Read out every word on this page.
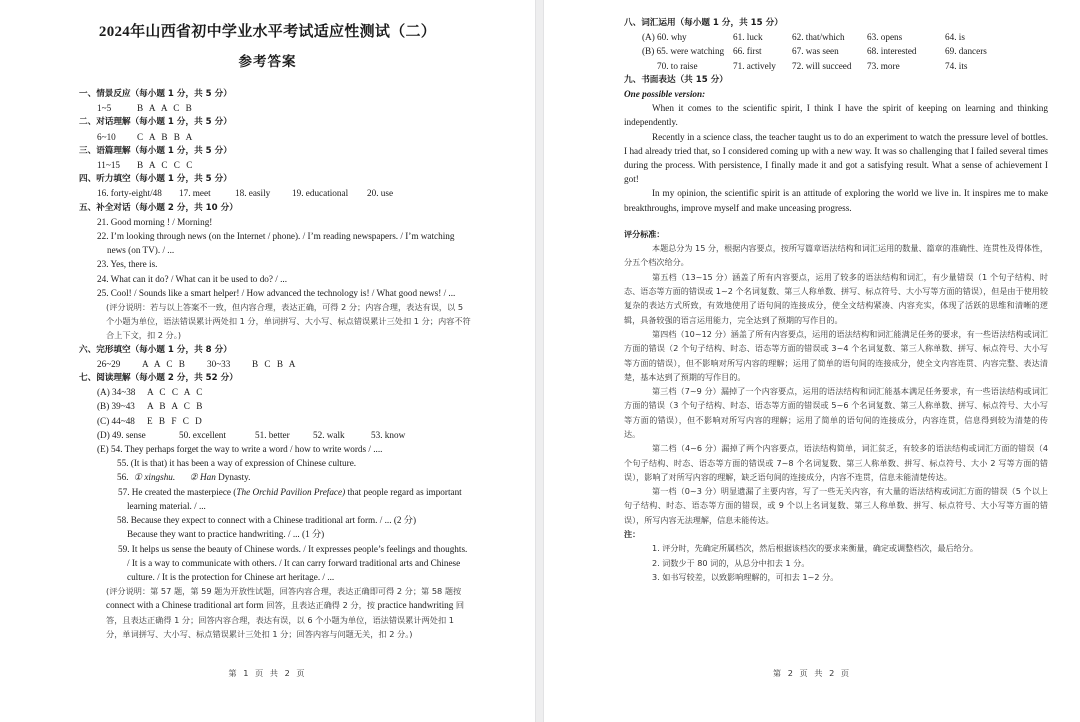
2024年山西省初中学业水平考试适应性测试（二）
参考答案
一、情景反应（每小题 1 分，共 5 分）
1~5	B A A C B
二、对话理解（每小题 1 分，共 5 分）
6~10 C A B B A
三、语篇理解（每小题 1 分，共 5 分）
11~15 B A C C C
四、听力填空（每小题 1 分，共 5 分）
16. forty-eight/48	17. meet	18. easily	19. educational	20. use
五、补全对话（每小题 2 分，共 10 分）
21. Good morning ! / Morning!
22. I’m looking through news (on the Internet / phone). / I’m reading newspapers. / I’m watching news (on TV). / ...
23. Yes, there is.
24. What can it do? / What can it be used to do? / ...
25. Cool! / Sounds like a smart helper! / How advanced the technology is! / What good news! / ...
(评分说明：若与以上答案不一致，但内容合理，表达正确，可得 2 分；内容合理，表达有误，以 5 个小题为单位，语法错误累计两处扣 1 分，单词拼写、大小写、标点错误累计三处扣 1 分；内容不符合上下文，扣 2 分。)
六、完形填空（每小题 1 分，共 8 分）
26~29 A A C B 30~33 B C B A
七、阅读理解（每小题 2 分，共 52 分）
(A) 34~38 A C C A C
(B) 39~43 A B A C B
(C) 44~48 E B F C D
(D) 49. sense	50. excellent	51. better	52. walk	53. know
(E) 54. They perhaps forget the way to write a word / how to write words / ....
55. (It is that) it has been a way of expression of Chinese culture.
56. ① xingshu. ② Han Dynasty.
57. He created the masterpiece (The Orchid Pavilion Preface) that people regard as important learning material. / ...
58. Because they expect to connect with a Chinese traditional art form. / ... (2 分)
Because they want to practice handwriting. / ... (1 分)
59. It helps us sense the beauty of Chinese words. / It expresses people’s feelings and thoughts. / It is a way to communicate with others. / It can carry forward traditional arts and Chinese culture. / It is the protection for Chinese art heritage. / ...
(评分说明：第 57 题，第 59 题为开放性试题，回答内容合理，表达正确即可得 2 分；第 58 题按 connect with a Chinese traditional art form 回答，且表达正确得 2 分，按 practice handwriting 回答，且表达正确得 1 分；回答内容合理，表达有误，以 6 个小题为单位，语法错误累计两处扣 1 分，单词拼写、大小写、标点错误累计三处扣 1 分；回答内容与问题无关，扣 2 分。)
第 1 页 共 2 页
八、词汇运用（每小题 1 分，共 15 分）
(A) 60. why	61. luck	62. that/which	63. opens	64. is
(B) 65. were watching 66. first	67. was seen	68. interested	69. dancers
70. to raise	71. actively	72. will succeed	73. more	74. its
九、书面表达（共 15 分）
One possible version:

When it comes to the scientific spirit, I think I have the spirit of keeping on learning and thinking independently.

Recently in a science class, the teacher taught us to do an experiment to watch the pressure level of bottles. I had already tried that, so I considered coming up with a new way. It was so challenging that I failed several times during the process. With persistence, I finally made it and got a satisfying result. What a sense of achievement I got!

In my opinion, the scientific spirit is an attitude of exploring the world we live in. It inspires me to make breakthroughs, improve myself and make unceasing progress.

评分标准：

本题总分为 15 分，根据内容要点，按所写篇章语法结构和词汇运用的数量、篇章的准确性、连贯性及得体性，分五个档次给分。

第五档（13~15 分）涵盖了所有内容要点，运用了较多的语法结构和词汇，有少量错误（1 个句子结构、时态、语态等方面的错误或 1~2 个名词复数、第三人称单数、拼写、标点符号、大小写等方面的错误），但是由于使用较复杂的表达方式所致，有效地使用了语句间的连接成分，使全文结构紧凑、内容充实，体现了活跃的思维和清晰的逻辑，具备较强的语言运用能力，完全达到了预期的写作目的。

第四档（10~12 分）涵盖了所有内容要点，运用的语法结构和词汇能满足任务的要求，有一些语法结构或词汇方面的错误（2 个句子结构、时态、语态等方面的错误或 3~4 个名词复数、第三人称单数、拼写、标点符号、大小写等方面的错误），但不影响对所写内容的理解；运用了简单的语句间的连接成分，使全文内容连贯、内容完整、表达清楚，基本达到了预期的写作目的。

第三档（7~9 分）漏掉了一个内容要点，运用的语法结构和词汇能基本满足任务要求，有一些语法结构或词汇方面的错误（3 个句子结构、时态、语态等方面的错误或 5~6 个名词复数、第三人称单数、拼写、标点符号、大小写等方面的错误），但不影响对所写内容的理解；运用了简单的语句间的连接成分，内容连贯，信息得到较为清楚的传达。

第二档（4~6 分）漏掉了两个内容要点，语法结构简单，词汇贫乏，有较多的语法结构或词汇方面的错误（4 个句子结构、时态、语态等方面的错误或 7~8 个名词复数、第三人称单数、拼写、标点符号、大小 2 写等方面的错误），影响了对所写内容的理解，缺乏语句间的连接成分，内容不连贯，信息未能清楚传达。

第一档（0~3 分）明显遗漏了主要内容，写了一些无关内容，有大量的语法结构或词汇方面的错误（5 个以上句子结构、时态、语态等方面的错误，或 9 个以上名词复数、第三人称单数、拼写、标点符号、大小写等方面的错误），所写内容无法理解，信息未能传达。

注：

1. 评分时，先确定所属档次，然后根据该档次的要求来衡量，确定或调整档次，最后给分。

2. 词数少于 80 词的，从总分中扣去 1 分。

3. 如书写较差，以致影响理解的，可扣去 1~2 分。

第 2 页 共 2 页
